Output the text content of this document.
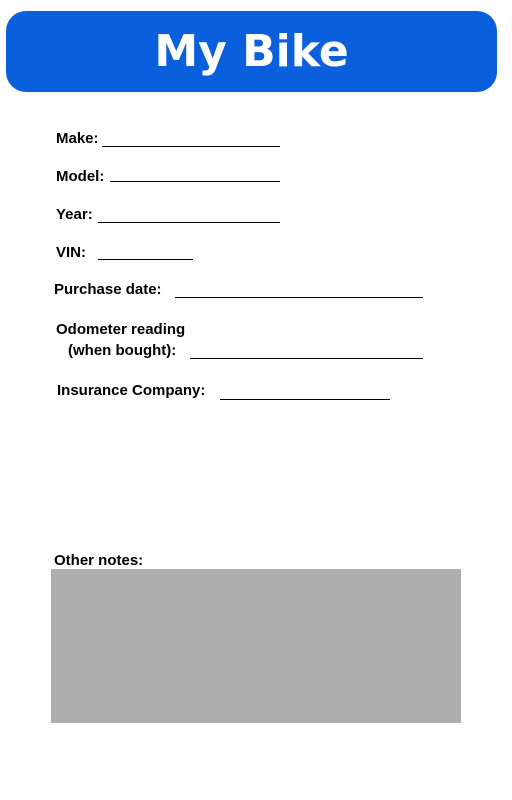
My Bike
Make:
Model:
Year:
VIN:
Purchase date:
Odometer reading
(when bought):
Insurance Company:
Other notes:
